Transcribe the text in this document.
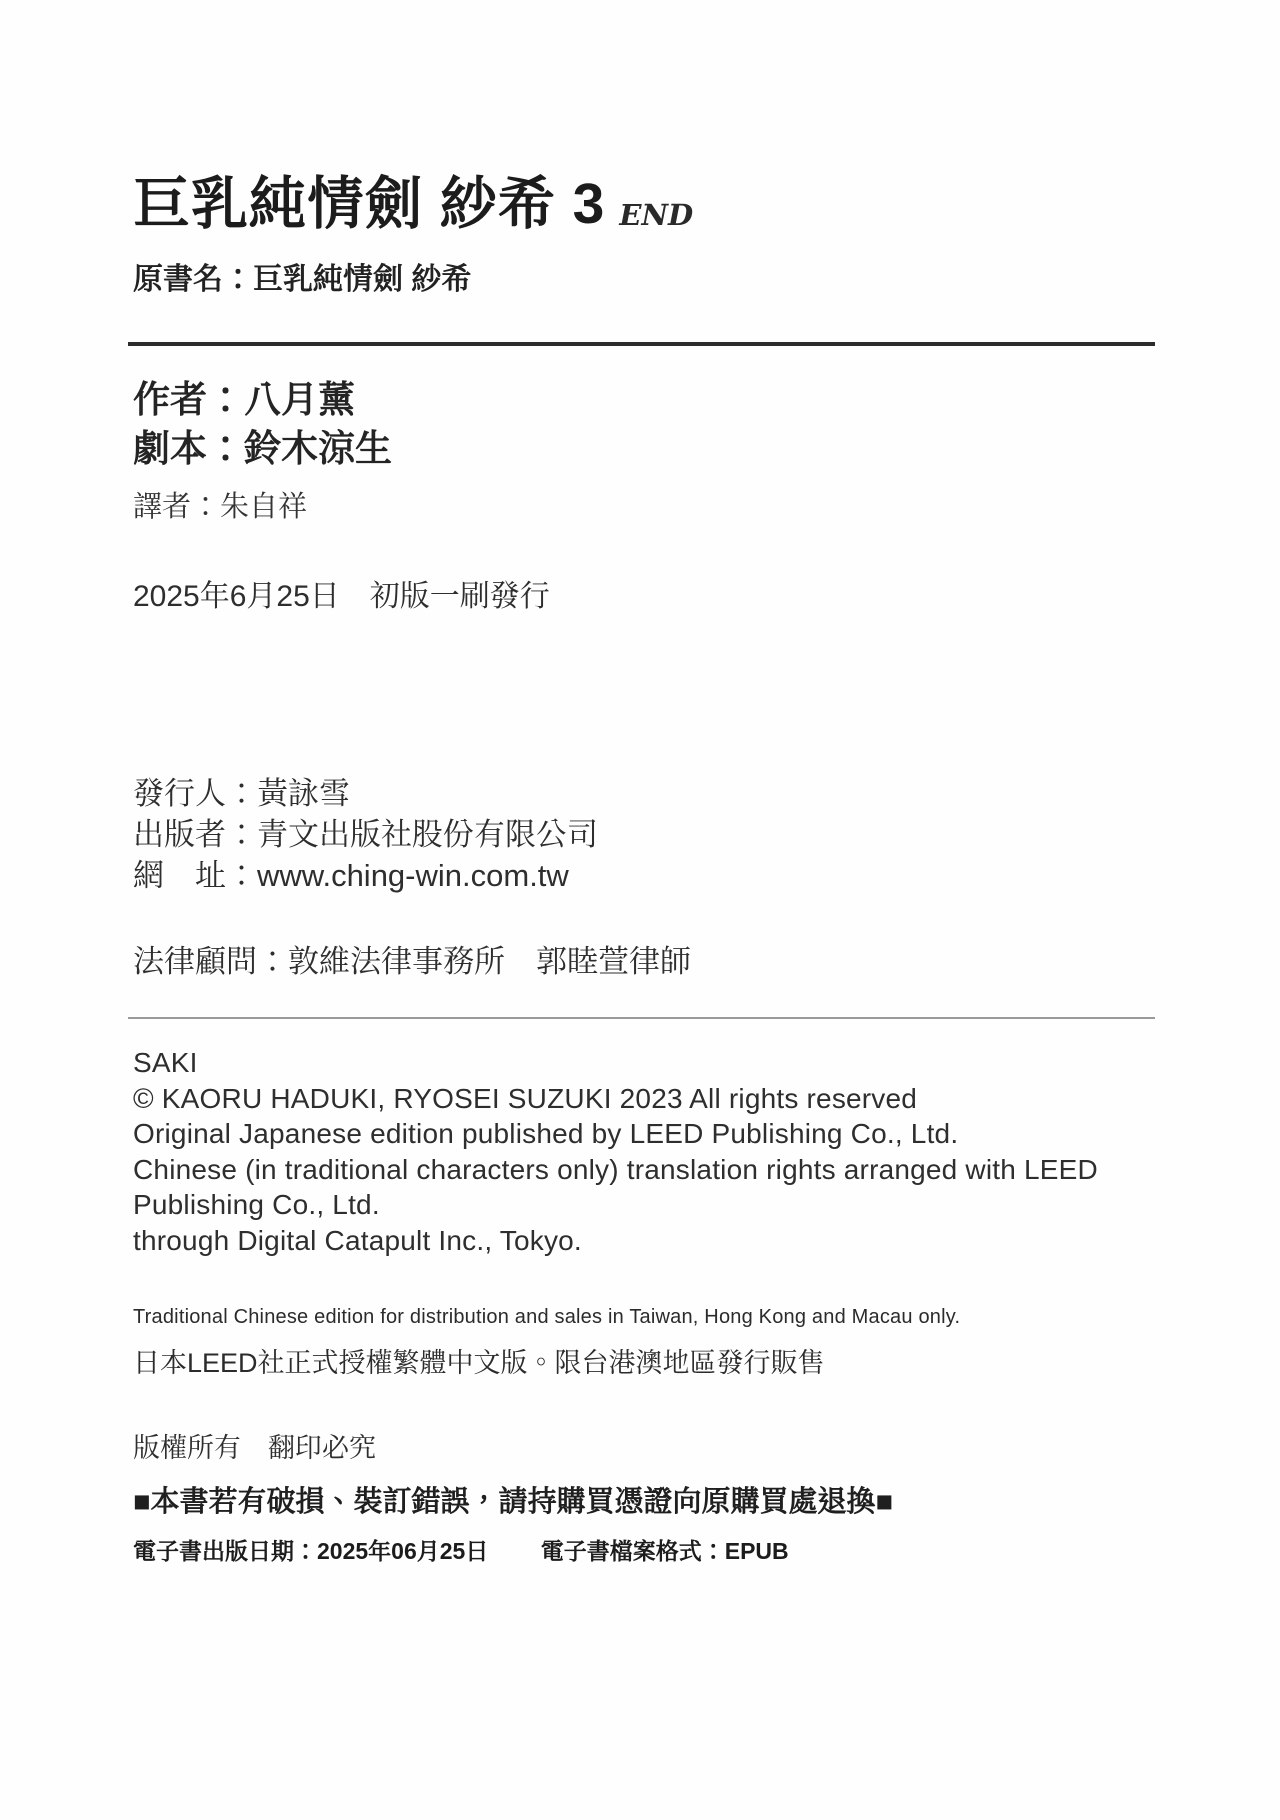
巨乳純情劍 紗希 3 END
原書名：巨乳純情劍 紗希
作者：八月薰
劇本：鈴木涼生
譯者：朱自祥
2025年6月25日　初版一刷發行
發行人：黃詠雪
出版者：青文出版社股份有限公司
網　址：www.ching-win.com.tw
法律顧問：敦維法律事務所　郭睦萱律師
SAKI
© KAORU HADUKI, RYOSEI SUZUKI 2023 All rights reserved
Original Japanese edition published by LEED Publishing Co., Ltd.
Chinese (in traditional characters only) translation rights arranged with LEED
Publishing Co., Ltd.
through Digital Catapult Inc., Tokyo.
Traditional Chinese edition for distribution and sales in Taiwan, Hong Kong and Macau only.
日本LEED社正式授權繁體中文版。限台港澳地區發行販售
版權所有　翻印必究
■本書若有破損、裝訂錯誤，請持購買憑證向原購買處退換■
電子書出版日期：2025年06月25日 電子書檔案格式：EPUB
